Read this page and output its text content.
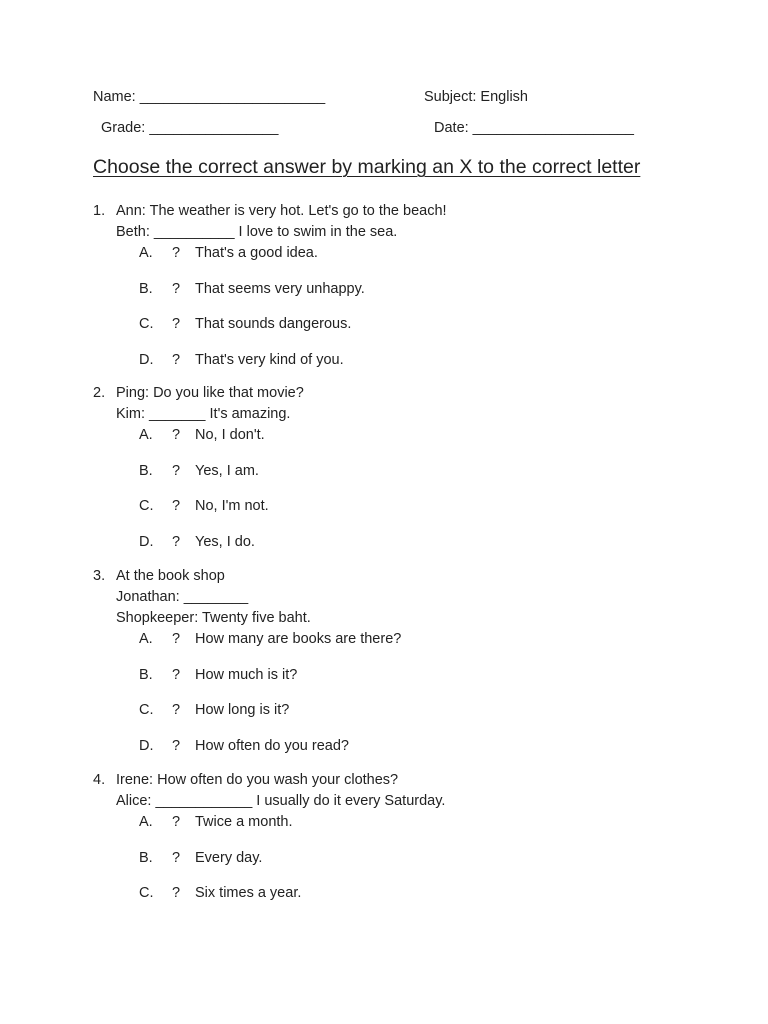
Name: _______________________	Subject: English
Grade: ________________	Date: ____________________
Choose the correct answer by marking an X to the correct letter
1. Ann: The weather is very hot. Let's go to the beach!
Beth: __________ I love to swim in the sea.
A. ? That's a good idea.
B. ? That seems very unhappy.
C. ? That sounds dangerous.
D. ? That's very kind of you.
2. Ping: Do you like that movie?
Kim: _______ It's amazing.
A. ? No, I don't.
B. ? Yes, I am.
C. ? No, I'm not.
D. ? Yes, I do.
3. At the book shop
Jonathan: ________
Shopkeeper: Twenty five baht.
A. ? How many are books are there?
B. ? How much is it?
C. ? How long is it?
D. ? How often do you read?
4. Irene: How often do you wash your clothes?
Alice: ____________ I usually do it every Saturday.
A. ? Twice a month.
B. ? Every day.
C. ? Six times a year.
